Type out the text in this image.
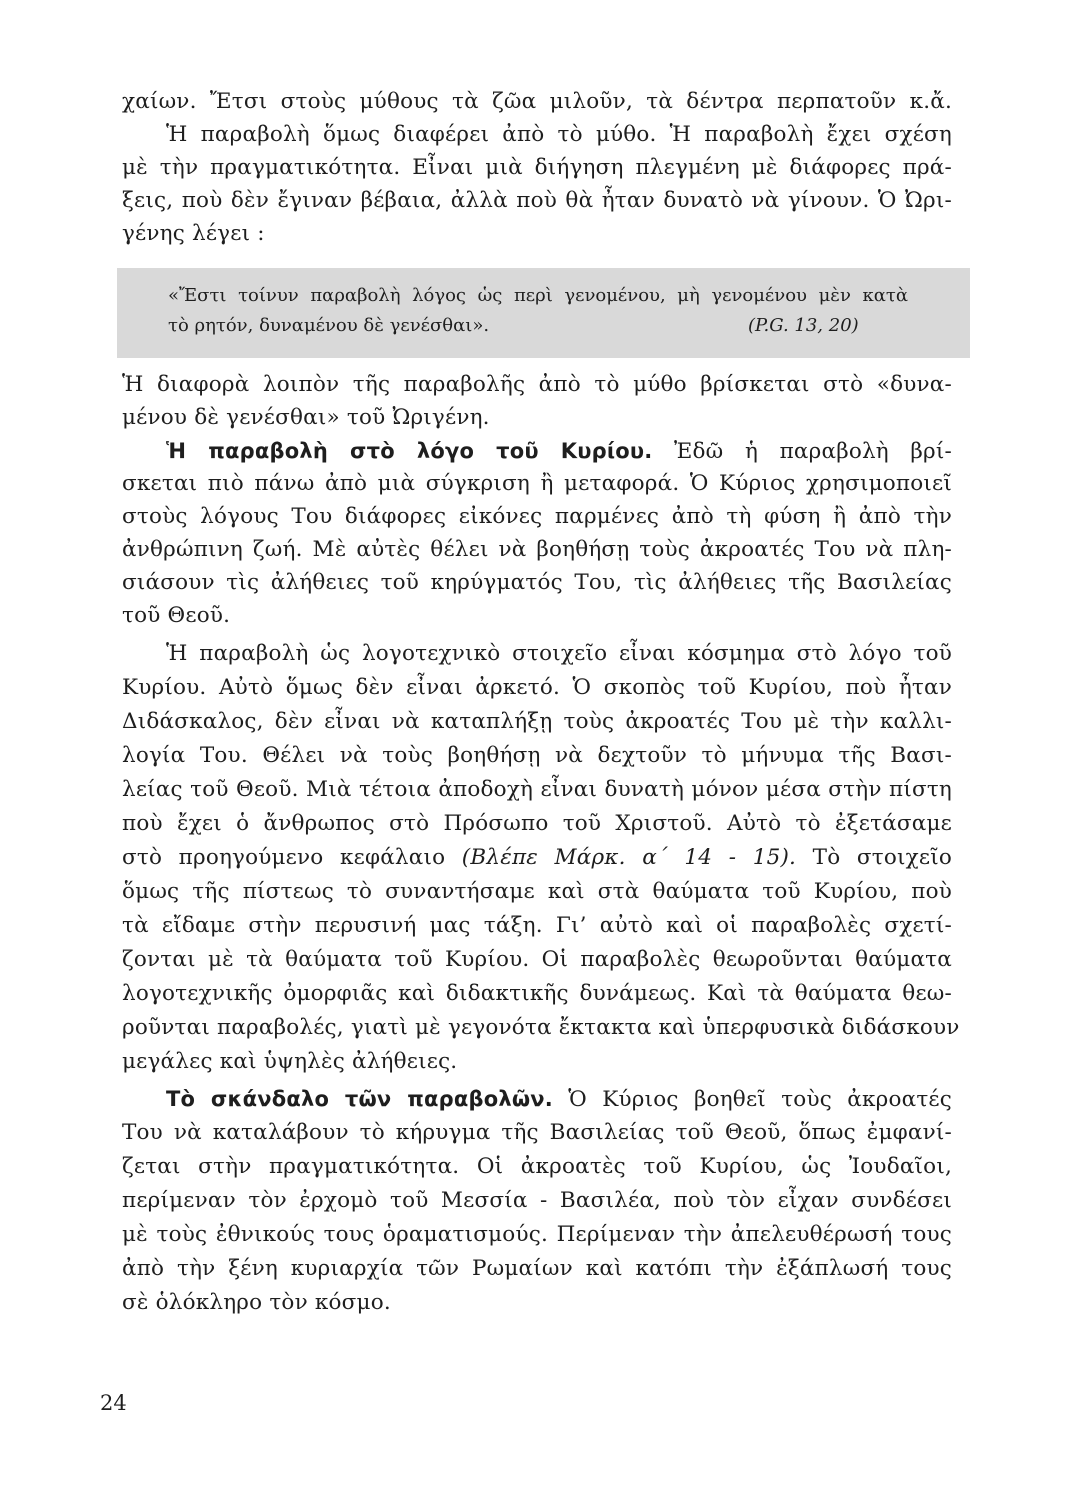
χαίων. Ἔτσι στοὺς μύθους τὰ ζῶα μιλοῦν, τὰ δέντρα περπατοῦν κ.ἄ.
Ἡ παραβολὴ ὅμως διαφέρει ἀπὸ τὸ μύθο. Ἡ παραβολὴ ἔχει σχέση
μὲ τὴν πραγματικότητα. Εἶναι μιὰ διήγηση πλεγμένη μὲ διάφορες πρά-
ξεις, ποὺ δὲν ἔγιναν βέβαια, ἀλλὰ ποὺ θὰ ἦταν δυνατὸ νὰ γίνουν. Ὁ Ὠρι-
γένης λέγει :
«Ἔστι τοίνυν παραβολὴ λόγος ὡς περὶ γενομένου, μὴ γενομένου μὲν κατὰ
τὸ ρητόν, δυναμένου δὲ γενέσθαι».	(P.G. 13, 20)
Ἡ διαφορὰ λοιπὸν τῆς παραβολῆς ἀπὸ τὸ μύθο βρίσκεται στὸ «δυνα-
μένου δὲ γενέσθαι» τοῦ Ὠριγένη.
Ἡ παραβολὴ στὸ λόγο τοῦ Κυρίου. Ἐδῶ ἡ παραβολὴ βρί-
σκεται πιὸ πάνω ἀπὸ μιὰ σύγκριση ἢ μεταφορά. Ὁ Κύριος χρησιμοποιεῖ
στοὺς λόγους Του διάφορες εἰκόνες παρμένες ἀπὸ τὴ φύση ἢ ἀπὸ τὴν
ἀνθρώπινη ζωή. Μὲ αὐτὲς θέλει νὰ βοηθήσῃ τοὺς ἀκροατές Του νὰ πλη-
σιάσουν τὶς ἀλήθειες τοῦ κηρύγματός Του, τὶς ἀλήθειες τῆς Βασιλείας
τοῦ Θεοῦ.
Ἡ παραβολὴ ὡς λογοτεχνικὸ στοιχεῖο εἶναι κόσμημα στὸ λόγο τοῦ
Κυρίου. Αὐτὸ ὅμως δὲν εἶναι ἀρκετό. Ὁ σκοπὸς τοῦ Κυρίου, ποὺ ἦταν
Διδάσκαλος, δὲν εἶναι νὰ καταπλήξῃ τοὺς ἀκροατές Του μὲ τὴν καλλι-
λογία Του. Θέλει νὰ τοὺς βοηθήσῃ νὰ δεχτοῦν τὸ μήνυμα τῆς Βασι-
λείας τοῦ Θεοῦ. Μιὰ τέτοια ἀποδοχὴ εἶναι δυνατὴ μόνον μέσα στὴν πίστη
ποὺ ἔχει ὁ ἄνθρωπος στὸ Πρόσωπο τοῦ Χριστοῦ. Αὐτὸ τὸ ἐξετάσαμε
στὸ προηγούμενο κεφάλαιο (Βλέπε Μάρκ. α΄ 14 - 15). Τὸ στοιχεῖο
ὅμως τῆς πίστεως τὸ συναντήσαμε καὶ στὰ θαύματα τοῦ Κυρίου, ποὺ
τὰ εἴδαμε στὴν περυσινή μας τάξη. Γι’ αὐτὸ καὶ οἱ παραβολὲς σχετί-
ζονται μὲ τὰ θαύματα τοῦ Κυρίου. Οἱ παραβολὲς θεωροῦνται θαύματα
λογοτεχνικῆς ὀμορφιᾶς καὶ διδακτικῆς δυνάμεως. Καὶ τὰ θαύματα θεω-
ροῦνται παραβολές, γιατὶ μὲ γεγονότα ἔκτακτα καὶ ὑπερφυσικὰ διδάσκουν
μεγάλες καὶ ὑψηλὲς ἀλήθειες.
Τὸ σκάνδαλο τῶν παραβολῶν. Ὁ Κύριος βοηθεῖ τοὺς ἀκροατές
Του νὰ καταλάβουν τὸ κήρυγμα τῆς Βασιλείας τοῦ Θεοῦ, ὅπως ἐμφανί-
ζεται στὴν πραγματικότητα. Οἱ ἀκροατὲς τοῦ Κυρίου, ὡς Ἰουδαῖοι,
περίμεναν τὸν ἐρχομὸ τοῦ Μεσσία - Βασιλέα, ποὺ τὸν εἶχαν συνδέσει
μὲ τοὺς ἐθνικούς τους ὁραματισμούς. Περίμεναν τὴν ἀπελευθέρωσή τους
ἀπὸ τὴν ξένη κυριαρχία τῶν Ρωμαίων καὶ κατόπι τὴν ἐξάπλωσή τους
σὲ ὁλόκληρο τὸν κόσμο.
24
